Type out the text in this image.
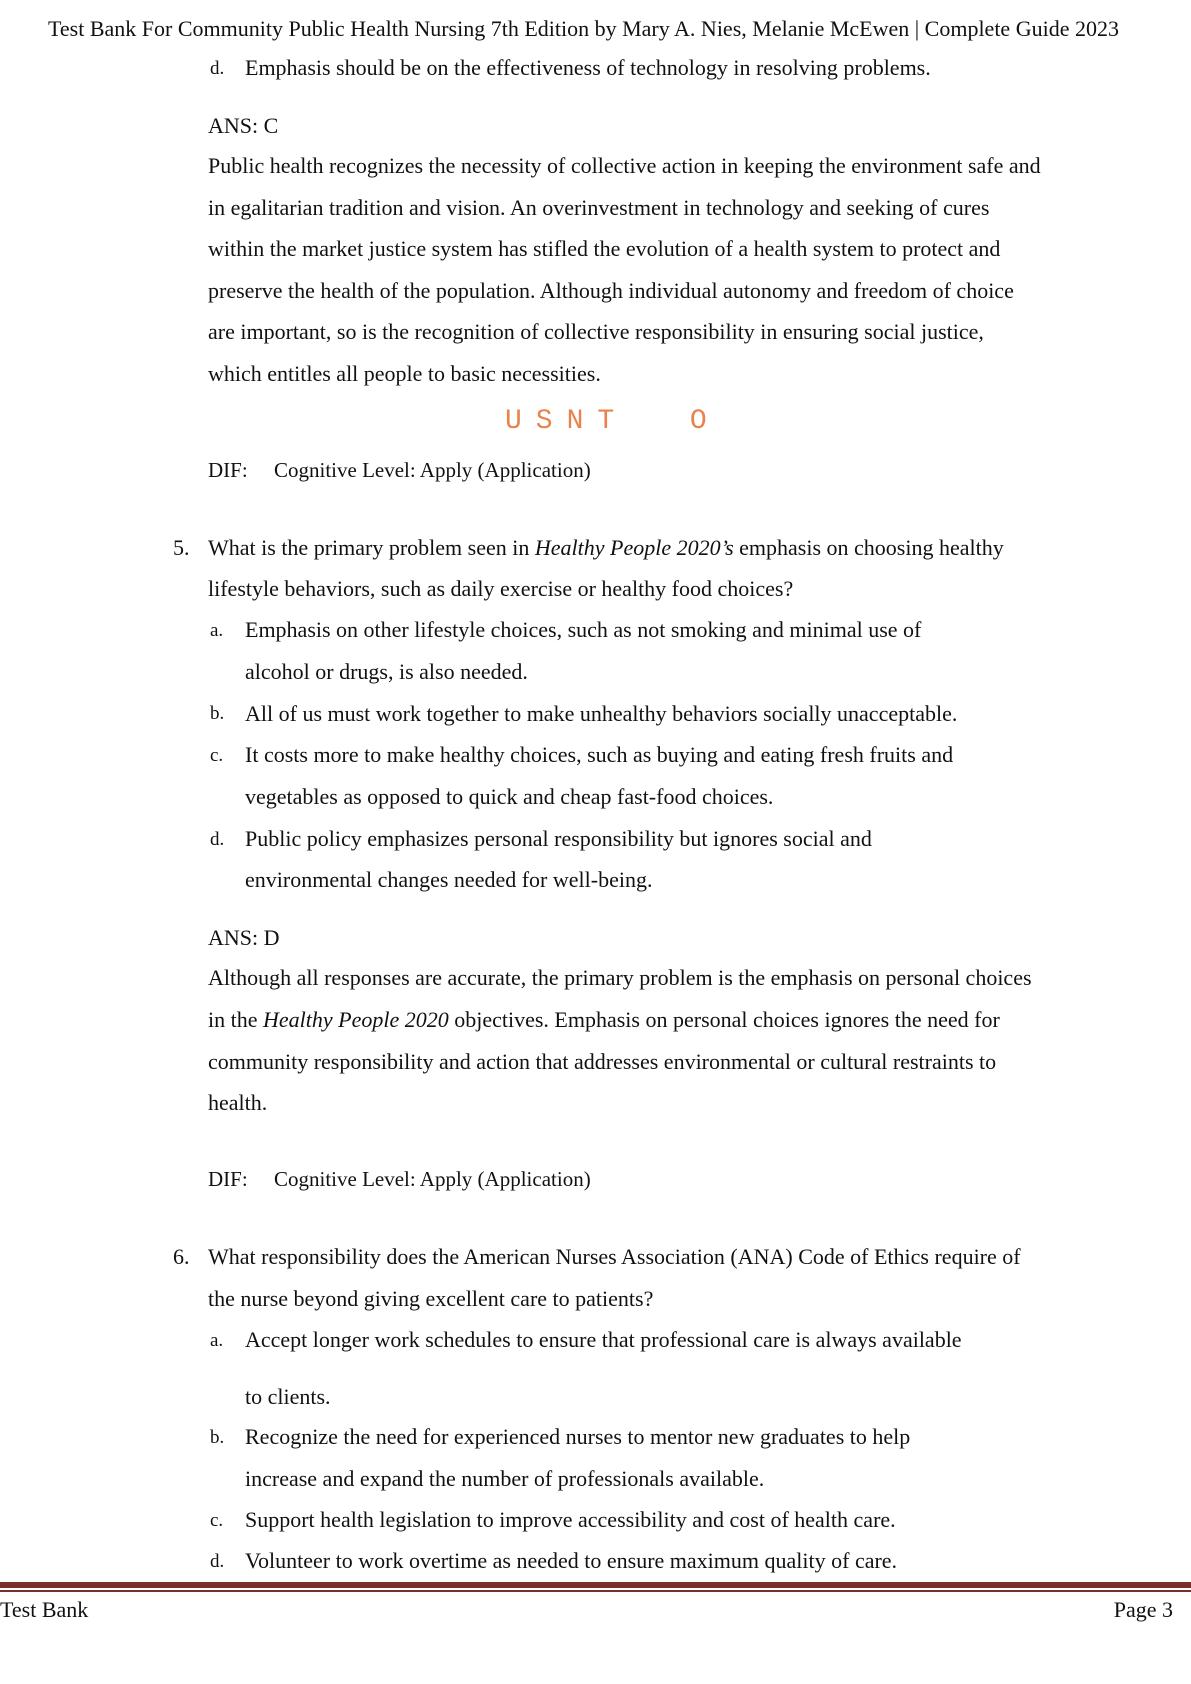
Test Bank For Community Public Health Nursing 7th Edition by Mary A. Nies, Melanie McEwen | Complete Guide 2023
d. Emphasis should be on the effectiveness of technology in resolving problems.
ANS: C
Public health recognizes the necessity of collective action in keeping the environment safe and
in egalitarian tradition and vision. An overinvestment in technology and seeking of cures
within the market justice system has stifled the evolution of a health system to protect and
preserve the health of the population. Although individual autonomy and freedom of choice
are important, so is the recognition of collective responsibility in ensuring social justice,
which entitles all people to basic necessities.
USNT  O
DIF: Cognitive Level: Apply (Application)
5. What is the primary problem seen in Healthy People 2020’s emphasis on choosing healthy
lifestyle behaviors, such as daily exercise or healthy food choices?
a. Emphasis on other lifestyle choices, such as not smoking and minimal use of
alcohol or drugs, is also needed.
b. All of us must work together to make unhealthy behaviors socially unacceptable.
c. It costs more to make healthy choices, such as buying and eating fresh fruits and
vegetables as opposed to quick and cheap fast-food choices.
d. Public policy emphasizes personal responsibility but ignores social and
environmental changes needed for well-being.
ANS: D
Although all responses are accurate, the primary problem is the emphasis on personal choices
in the Healthy People 2020 objectives. Emphasis on personal choices ignores the need for
community responsibility and action that addresses environmental or cultural restraints to
health.
DIF: Cognitive Level: Apply (Application)
6. What responsibility does the American Nurses Association (ANA) Code of Ethics require of
the nurse beyond giving excellent care to patients?
a. Accept longer work schedules to ensure that professional care is always available
to clients.
b. Recognize the need for experienced nurses to mentor new graduates to help
increase and expand the number of professionals available.
c. Support health legislation to improve accessibility and cost of health care.
d. Volunteer to work overtime as needed to ensure maximum quality of care.
Test Bank	Page 3
